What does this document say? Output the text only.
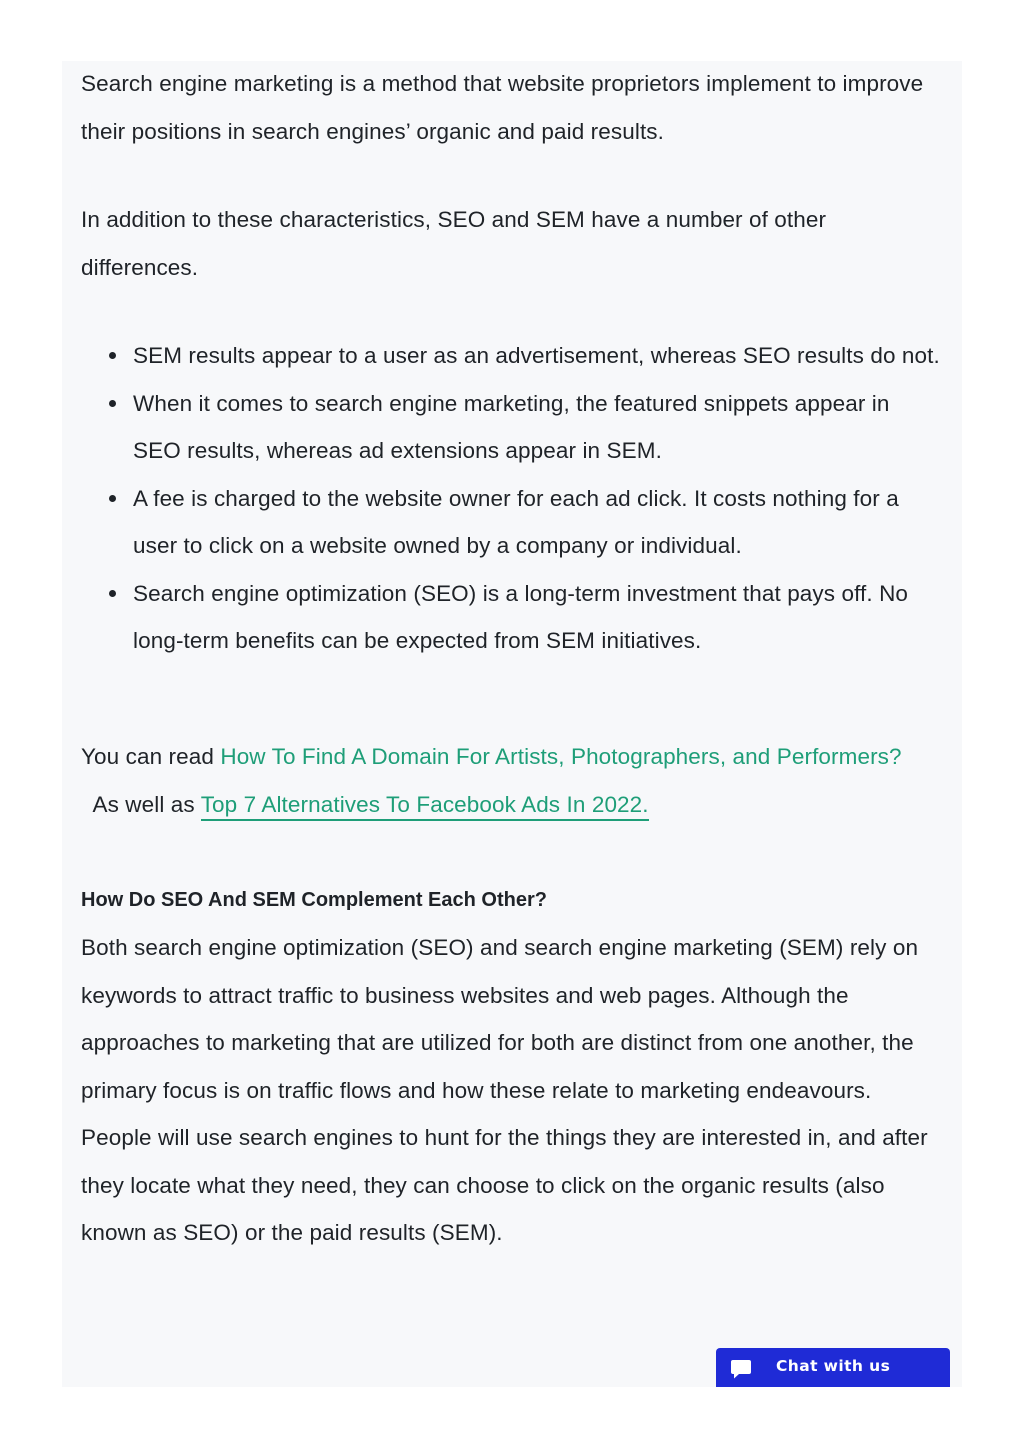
Search engine marketing is a method that website proprietors implement to improve their positions in search engines’ organic and paid results.

In addition to these characteristics, SEO and SEM have a number of other differences.

SEM results appear to a user as an advertisement, whereas SEO results do not.
When it comes to search engine marketing, the featured snippets appear in SEO results, whereas ad extensions appear in SEM.
A fee is charged to the website owner for each ad click. It costs nothing for a user to click on a website owned by a company or individual.
Search engine optimization (SEO) is a long-term investment that pays off. No long-term benefits can be expected from SEM initiatives.

You can read How To Find A Domain For Artists, Photographers, and Performers?  As well as Top 7 Alternatives To Facebook Ads In 2022.

How Do SEO And SEM Complement Each Other?

Both search engine optimization (SEO) and search engine marketing (SEM) rely on keywords to attract traffic to business websites and web pages. Although the approaches to marketing that are utilized for both are distinct from one another, the primary focus is on traffic flows and how these relate to marketing endeavours. People will use search engines to hunt for the things they are interested in, and after they locate what they need, they can choose to click on the organic results (also known as SEO) or the paid results (SEM).

Chat with us
